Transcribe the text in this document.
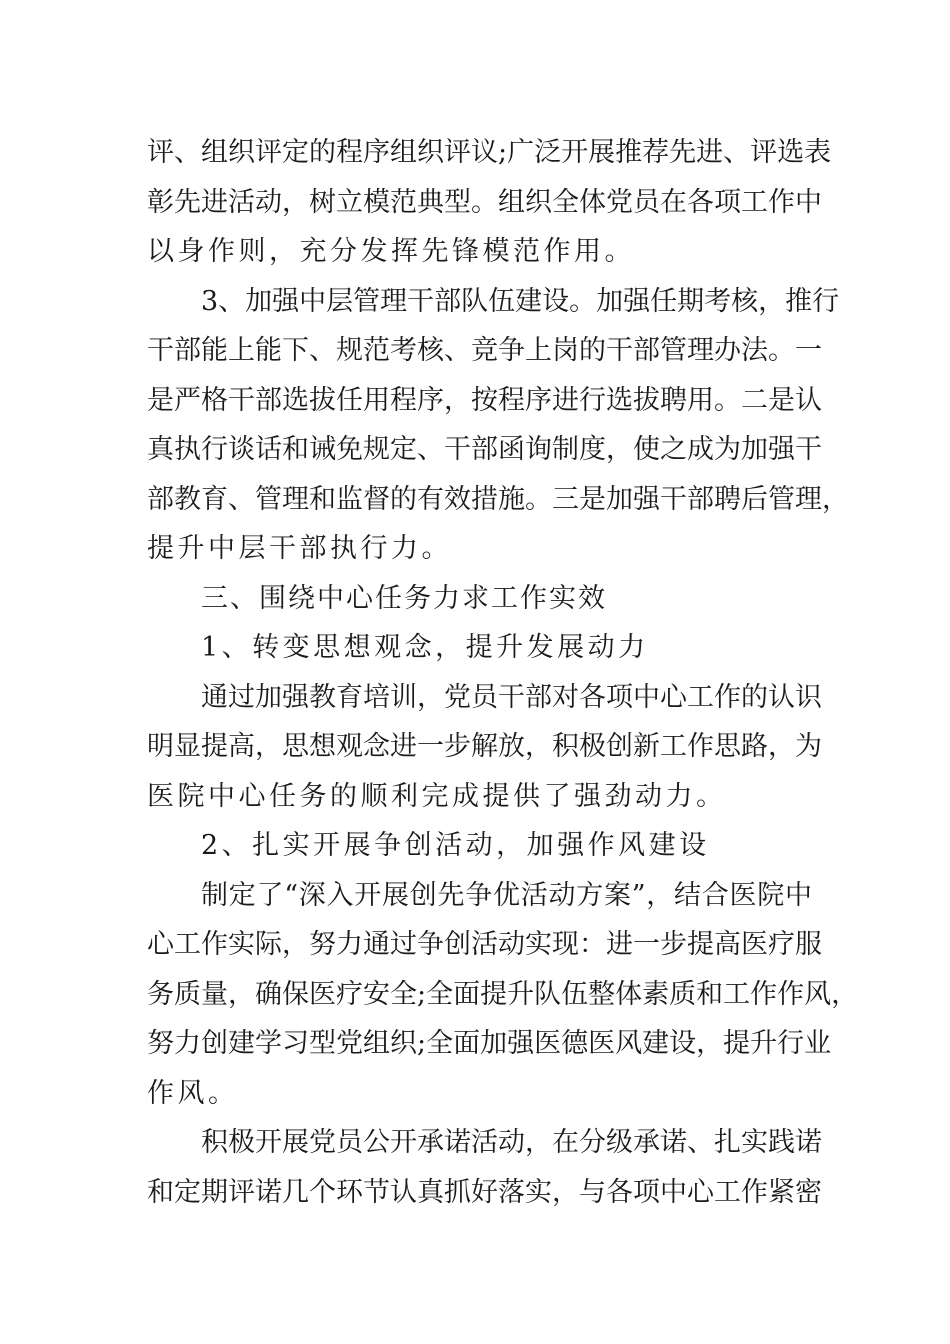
评、组织评定的程序组织评议;广泛开展推荐先进、评选表
彰先进活动，树立模范典型。组织全体党员在各项工作中
以身作则，充分发挥先锋模范作用。
3、加强中层管理干部队伍建设。加强任期考核，推行
干部能上能下、规范考核、竞争上岗的干部管理办法。一
是严格干部选拔任用程序，按程序进行选拔聘用。二是认
真执行谈话和诫免规定、干部函询制度，使之成为加强干
部教育、管理和监督的有效措施。三是加强干部聘后管理，
提升中层干部执行力。
三、围绕中心任务力求工作实效
1、转变思想观念，提升发展动力
通过加强教育培训，党员干部对各项中心工作的认识
明显提高，思想观念进一步解放，积极创新工作思路，为
医院中心任务的顺利完成提供了强劲动力。
2、扎实开展争创活动，加强作风建设
制定了“深入开展创先争优活动方案”，结合医院中
心工作实际，努力通过争创活动实现：进一步提高医疗服
务质量，确保医疗安全;全面提升队伍整体素质和工作作风，
努力创建学习型党组织;全面加强医德医风建设，提升行业
作风。
积极开展党员公开承诺活动，在分级承诺、扎实践诺
和定期评诺几个环节认真抓好落实，与各项中心工作紧密
